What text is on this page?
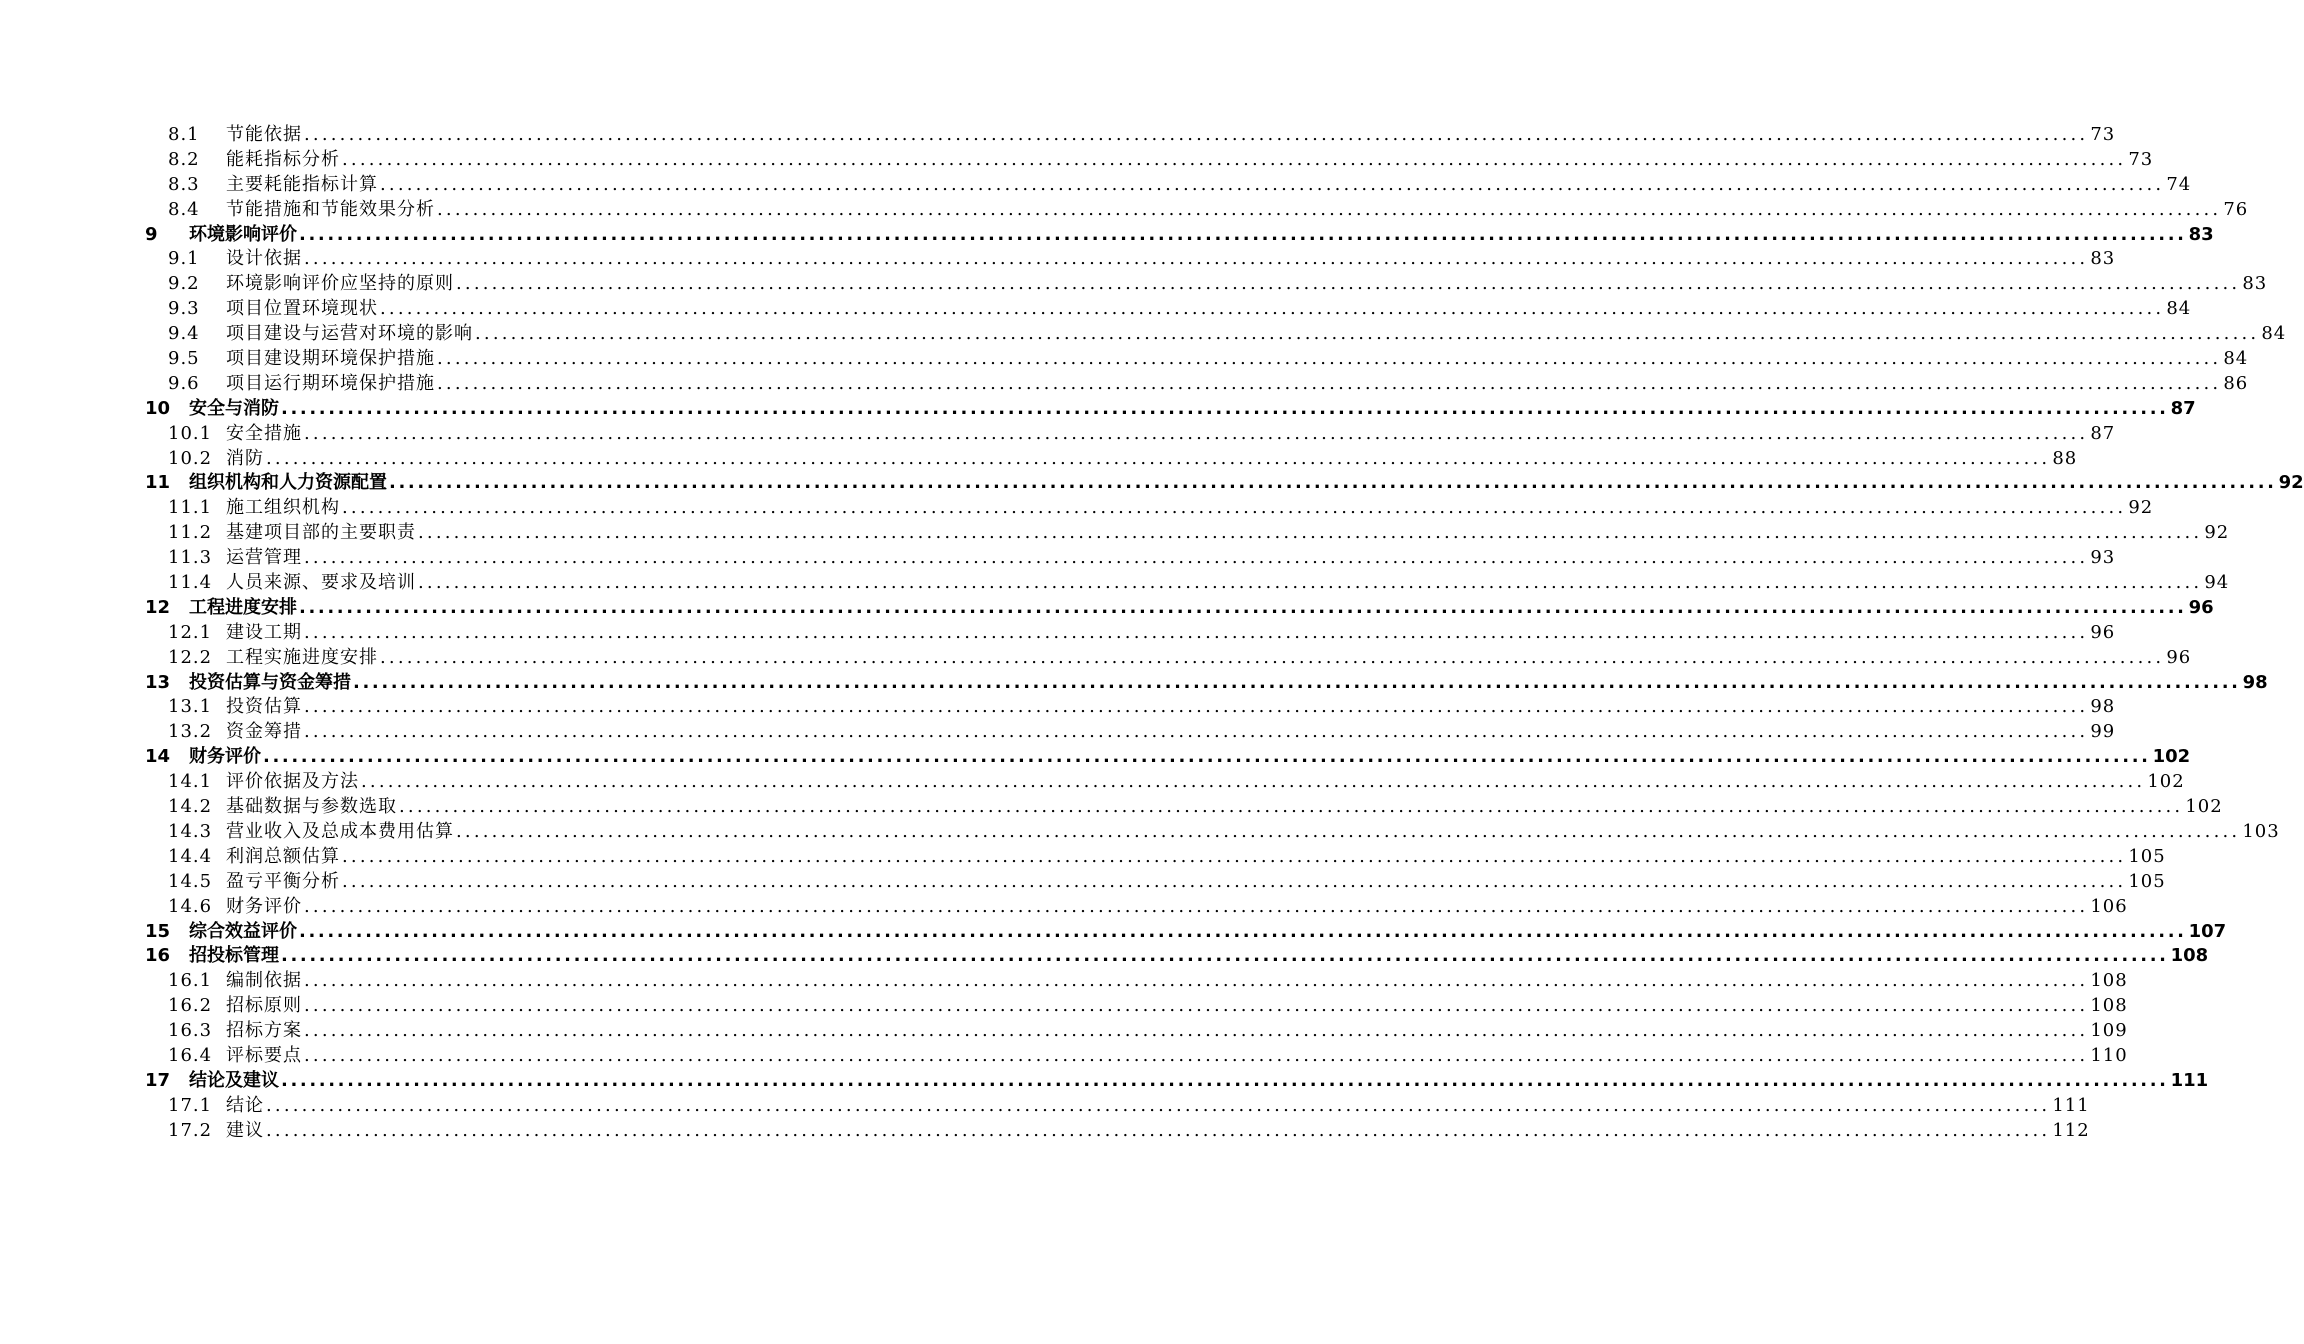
8.1	节能依据 ........................................................................................................................................................................................................ 73
8.2	能耗指标分析 ........................................................................................................................................................................................................ 73
8.3	主要耗能指标计算 ........................................................................................................................................................................................................ 74
8.4	节能措施和节能效果分析 ........................................................................................................................................................................................................ 76
9	环境影响评价 ........................................................................................................................................................................................................ 83
9.1	设计依据 ........................................................................................................................................................................................................ 83
9.2	环境影响评价应坚持的原则 ........................................................................................................................................................................................................ 83
9.3	项目位置环境现状 ........................................................................................................................................................................................................ 84
9.4	项目建设与运营对环境的影响 ........................................................................................................................................................................................................ 84
9.5	项目建设期环境保护措施 ........................................................................................................................................................................................................ 84
9.6	项目运行期环境保护措施 ........................................................................................................................................................................................................ 86
10	安全与消防 ........................................................................................................................................................................................................ 87
10.1 安全措施 ........................................................................................................................................................................................................ 87
10.2 消防 ........................................................................................................................................................................................................ 88
11	组织机构和人力资源配置 ........................................................................................................................................................................................................ 92
11.1 施工组织机构 ........................................................................................................................................................................................................ 92
11.2 基建项目部的主要职责 ........................................................................................................................................................................................................ 92
11.3 运营管理 ........................................................................................................................................................................................................ 93
11.4 人员来源、要求及培训 ........................................................................................................................................................................................................ 94
12	工程进度安排 ........................................................................................................................................................................................................ 96
12.1 建设工期 ........................................................................................................................................................................................................ 96
12.2 工程实施进度安排 ........................................................................................................................................................................................................ 96
13	投资估算与资金筹措 ........................................................................................................................................................................................................ 98
13.1 投资估算 ........................................................................................................................................................................................................ 98
13.2 资金筹措 ........................................................................................................................................................................................................ 99
14	财务评价 ........................................................................................................................................................................................................ 102
14.1 评价依据及方法 ........................................................................................................................................................................................................ 102
14.2 基础数据与参数选取 ........................................................................................................................................................................................................ 102
14.3 营业收入及总成本费用估算 ........................................................................................................................................................................................................ 103
14.4 利润总额估算 ........................................................................................................................................................................................................ 105
14.5 盈亏平衡分析 ........................................................................................................................................................................................................ 105
14.6 财务评价 ........................................................................................................................................................................................................ 106
15	综合效益评价 ........................................................................................................................................................................................................ 107
16	招投标管理 ........................................................................................................................................................................................................ 108
16.1 编制依据 ........................................................................................................................................................................................................ 108
16.2 招标原则 ........................................................................................................................................................................................................ 108
16.3 招标方案 ........................................................................................................................................................................................................ 109
16.4 评标要点 ........................................................................................................................................................................................................ 110
17	结论及建议 ........................................................................................................................................................................................................ 111
17.1 结论 ........................................................................................................................................................................................................ 111
17.2 建议 ........................................................................................................................................................................................................ 112
